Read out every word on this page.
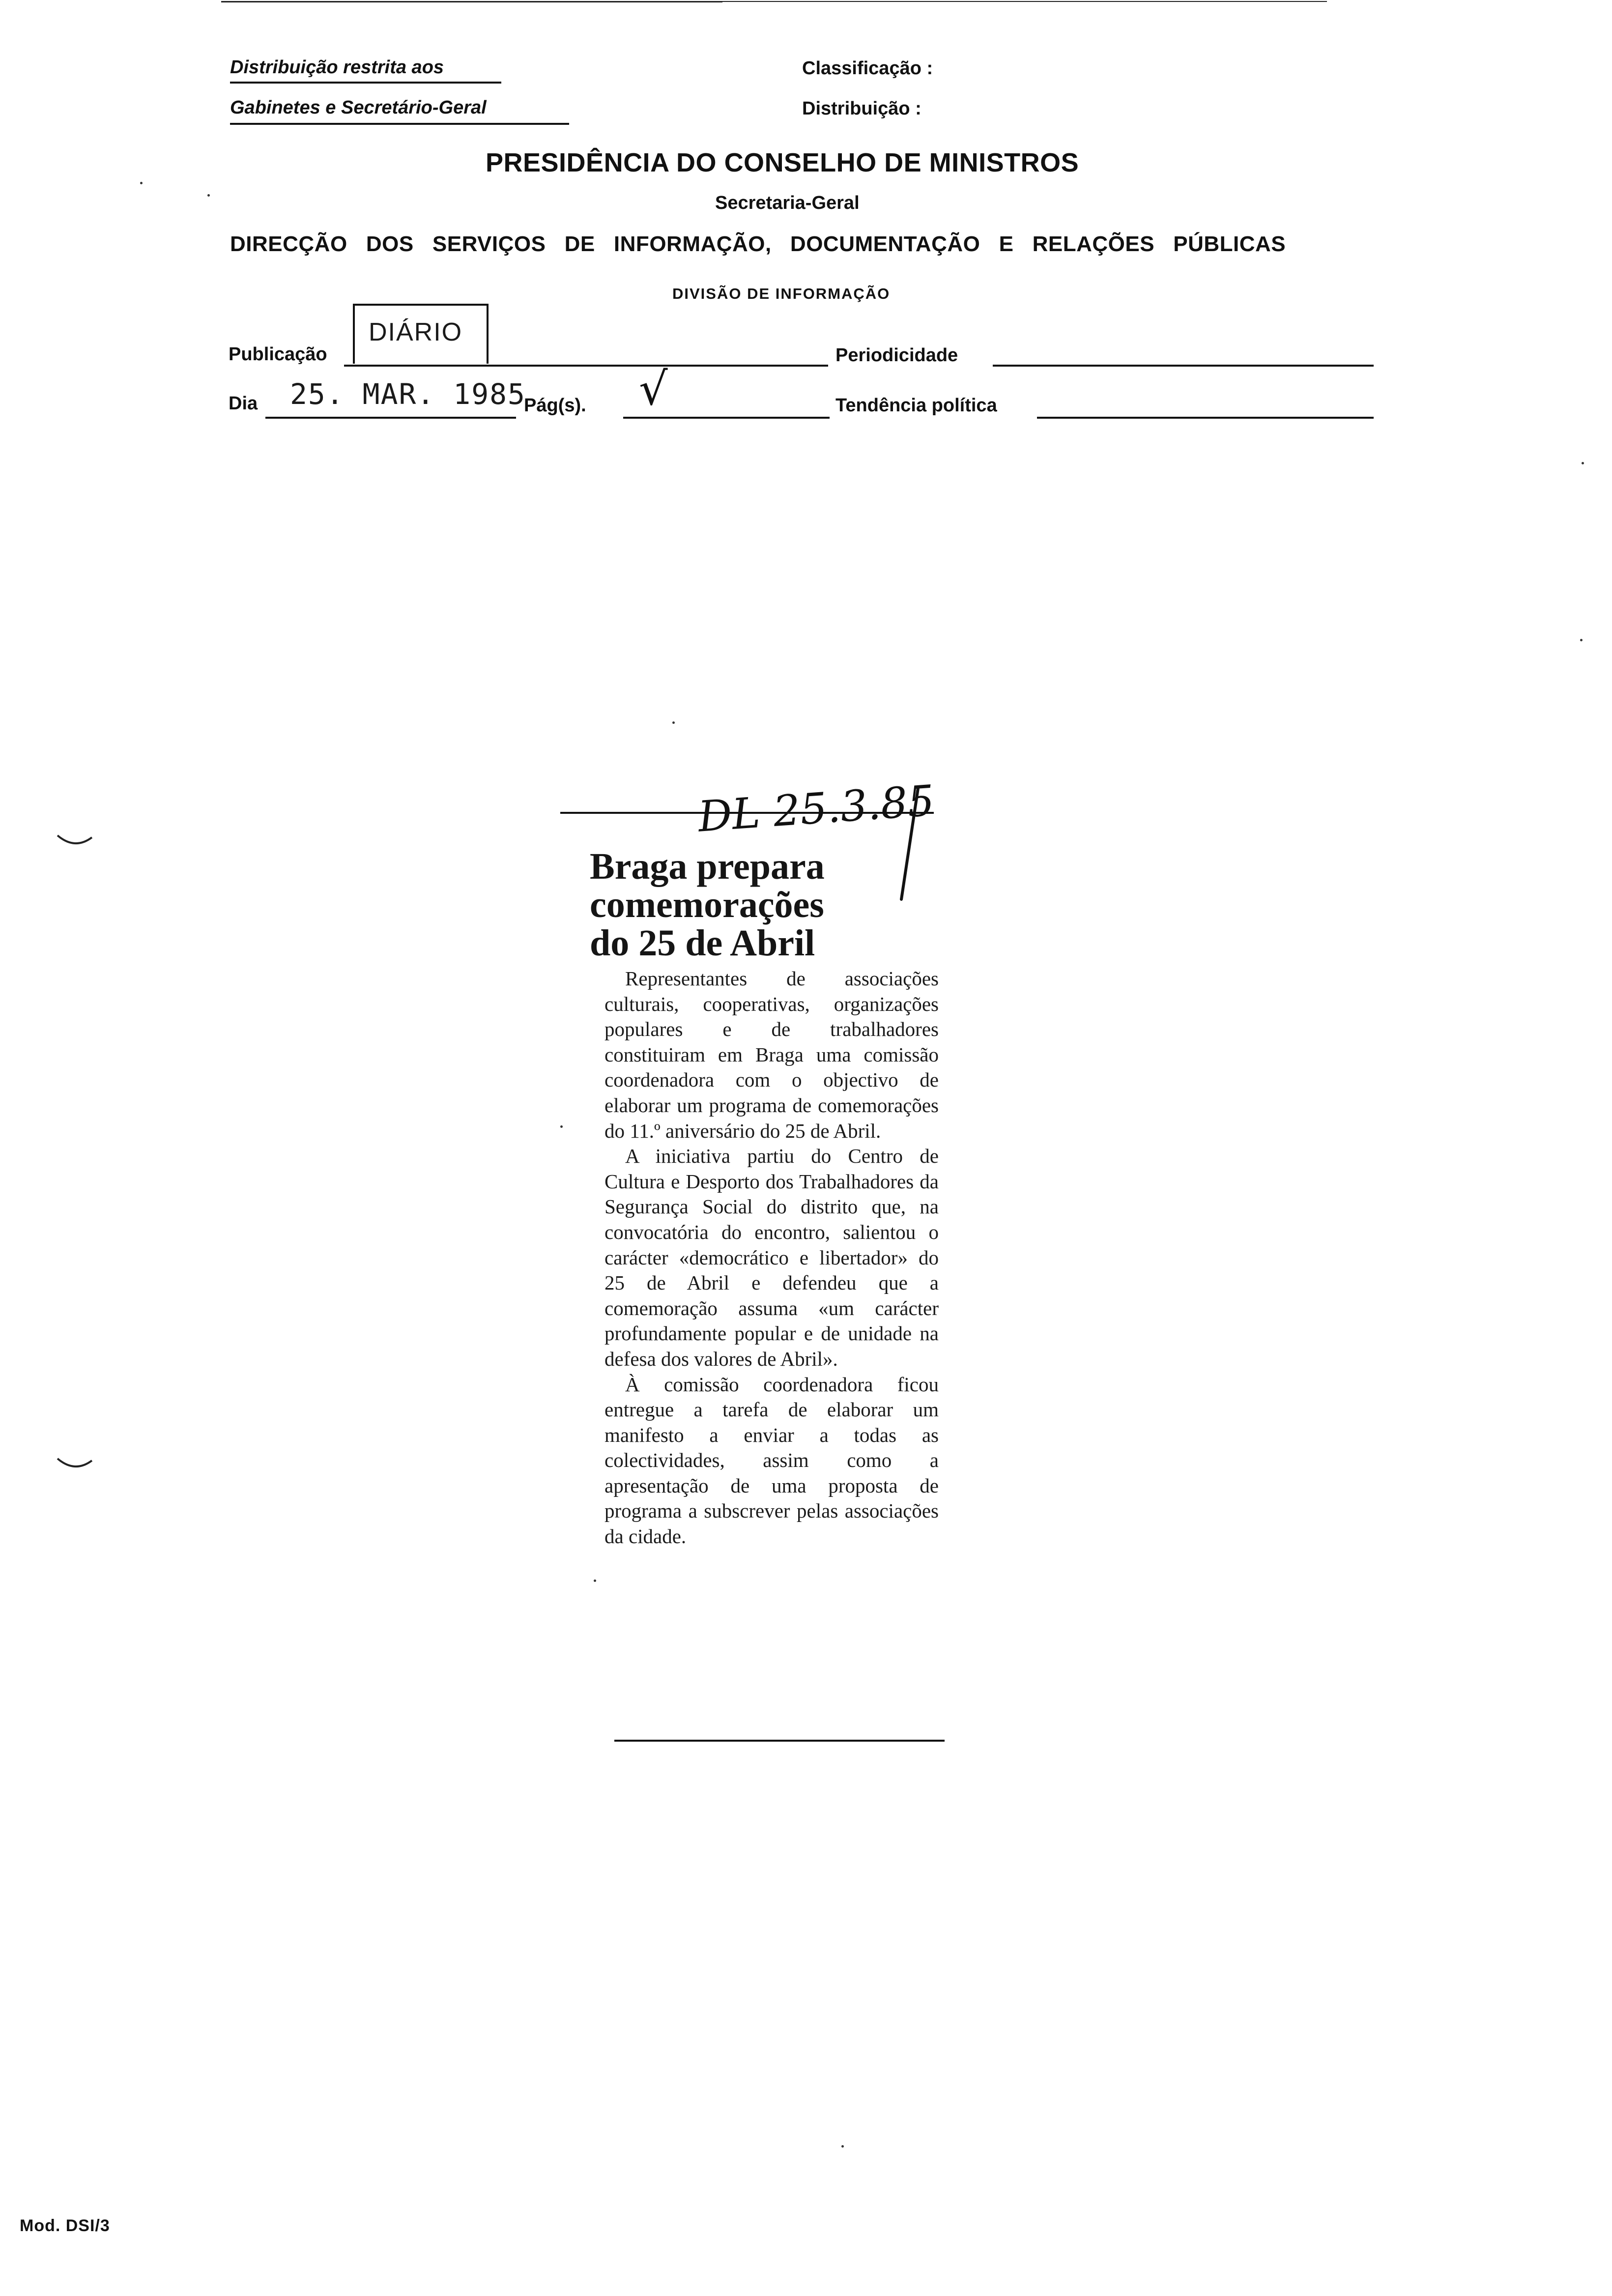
Distribuição restrita aos
Gabinetes e Secretário-Geral
Classificação :
Distribuição :
PRESIDÊNCIA DO CONSELHO DE MINISTROS
Secretaria-Geral
DIRECÇÃO   DOS   SERVIÇOS   DE   INFORMAÇÃO,   DOCUMENTAÇÃO   E   RELAÇÕES   PÚBLICAS
DIVISÃO DE INFORMAÇÃO
Publicação
DIÁRIO
Periodicidade
Dia 25. MAR. 1985
Pág(s). √	Tendência política
DL 25.3.85
Braga prepara
comemorações
do 25 de Abril

Representantes de associações culturais, cooperativas, organizações populares e de trabalhadores constituiram em Braga uma comissão coordenadora com o objectivo de elaborar um programa de comemorações do 11.º aniversário do 25 de Abril.

A iniciativa partiu do Centro de Cultura e Desporto dos Trabalhadores da Segurança Social do distrito que, na convocatória do encontro, salientou o carácter «democrático e libertador» do 25 de Abril e defendeu que a comemoração assuma «um carácter profundamente popular e de unidade na defesa dos valores de Abril».

À comissão coordenadora ficou entregue a tarefa de elaborar um manifesto a enviar a todas as colectividades, assim como a apresentação de uma proposta de programa a subscrever pelas associações da cidade.

Mod. DSI/3
